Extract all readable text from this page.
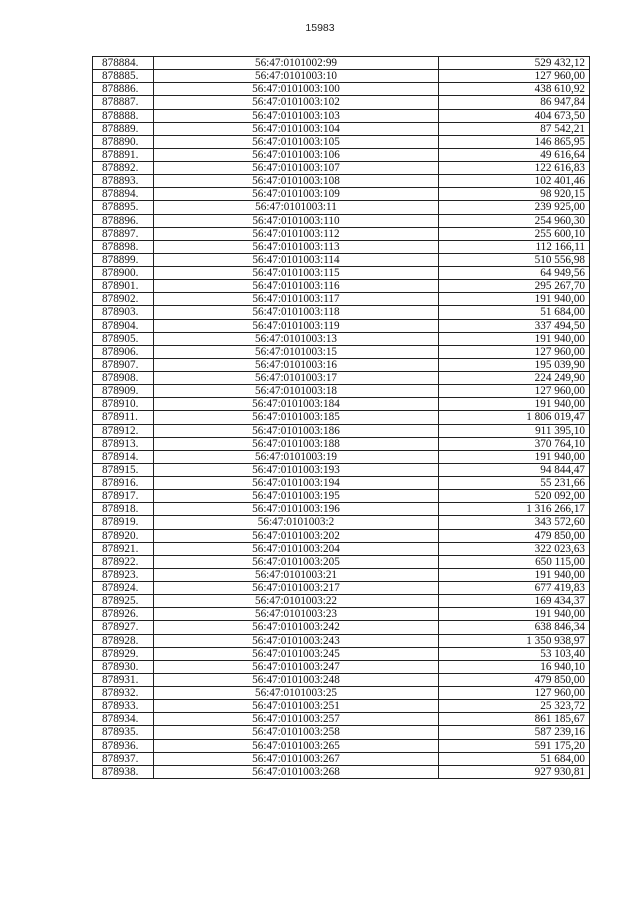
15983
878884.	56:47:0101002:99	529 432,12
878885.	56:47:0101003:10	127 960,00
878886.	56:47:0101003:100	438 610,92
878887.	56:47:0101003:102	86 947,84
878888.	56:47:0101003:103	404 673,50
878889.	56:47:0101003:104	87 542,21
878890.	56:47:0101003:105	146 865,95
878891.	56:47:0101003:106	49 616,64
878892.	56:47:0101003:107	122 616,83
878893.	56:47:0101003:108	102 401,46
878894.	56:47:0101003:109	98 920,15
878895.	56:47:0101003:11	239 925,00
878896.	56:47:0101003:110	254 960,30
878897.	56:47:0101003:112	255 600,10
878898.	56:47:0101003:113	112 166,11
878899.	56:47:0101003:114	510 556,98
878900.	56:47:0101003:115	64 949,56
878901.	56:47:0101003:116	295 267,70
878902.	56:47:0101003:117	191 940,00
878903.	56:47:0101003:118	51 684,00
878904.	56:47:0101003:119	337 494,50
878905.	56:47:0101003:13	191 940,00
878906.	56:47:0101003:15	127 960,00
878907.	56:47:0101003:16	195 039,90
878908.	56:47:0101003:17	224 249,90
878909.	56:47:0101003:18	127 960,00
878910.	56:47:0101003:184	191 940,00
878911.	56:47:0101003:185	1 806 019,47
878912.	56:47:0101003:186	911 395,10
878913.	56:47:0101003:188	370 764,10
878914.	56:47:0101003:19	191 940,00
878915.	56:47:0101003:193	94 844,47
878916.	56:47:0101003:194	55 231,66
878917.	56:47:0101003:195	520 092,00
878918.	56:47:0101003:196	1 316 266,17
878919.	56:47:0101003:2	343 572,60
878920.	56:47:0101003:202	479 850,00
878921.	56:47:0101003:204	322 023,63
878922.	56:47:0101003:205	650 115,00
878923.	56:47:0101003:21	191 940,00
878924.	56:47:0101003:217	677 419,83
878925.	56:47:0101003:22	169 434,37
878926.	56:47:0101003:23	191 940,00
878927.	56:47:0101003:242	638 846,34
878928.	56:47:0101003:243	1 350 938,97
878929.	56:47:0101003:245	53 103,40
878930.	56:47:0101003:247	16 940,10
878931.	56:47:0101003:248	479 850,00
878932.	56:47:0101003:25	127 960,00
878933.	56:47:0101003:251	25 323,72
878934.	56:47:0101003:257	861 185,67
878935.	56:47:0101003:258	587 239,16
878936.	56:47:0101003:265	591 175,20
878937.	56:47:0101003:267	51 684,00
878938.	56:47:0101003:268	927 930,81
